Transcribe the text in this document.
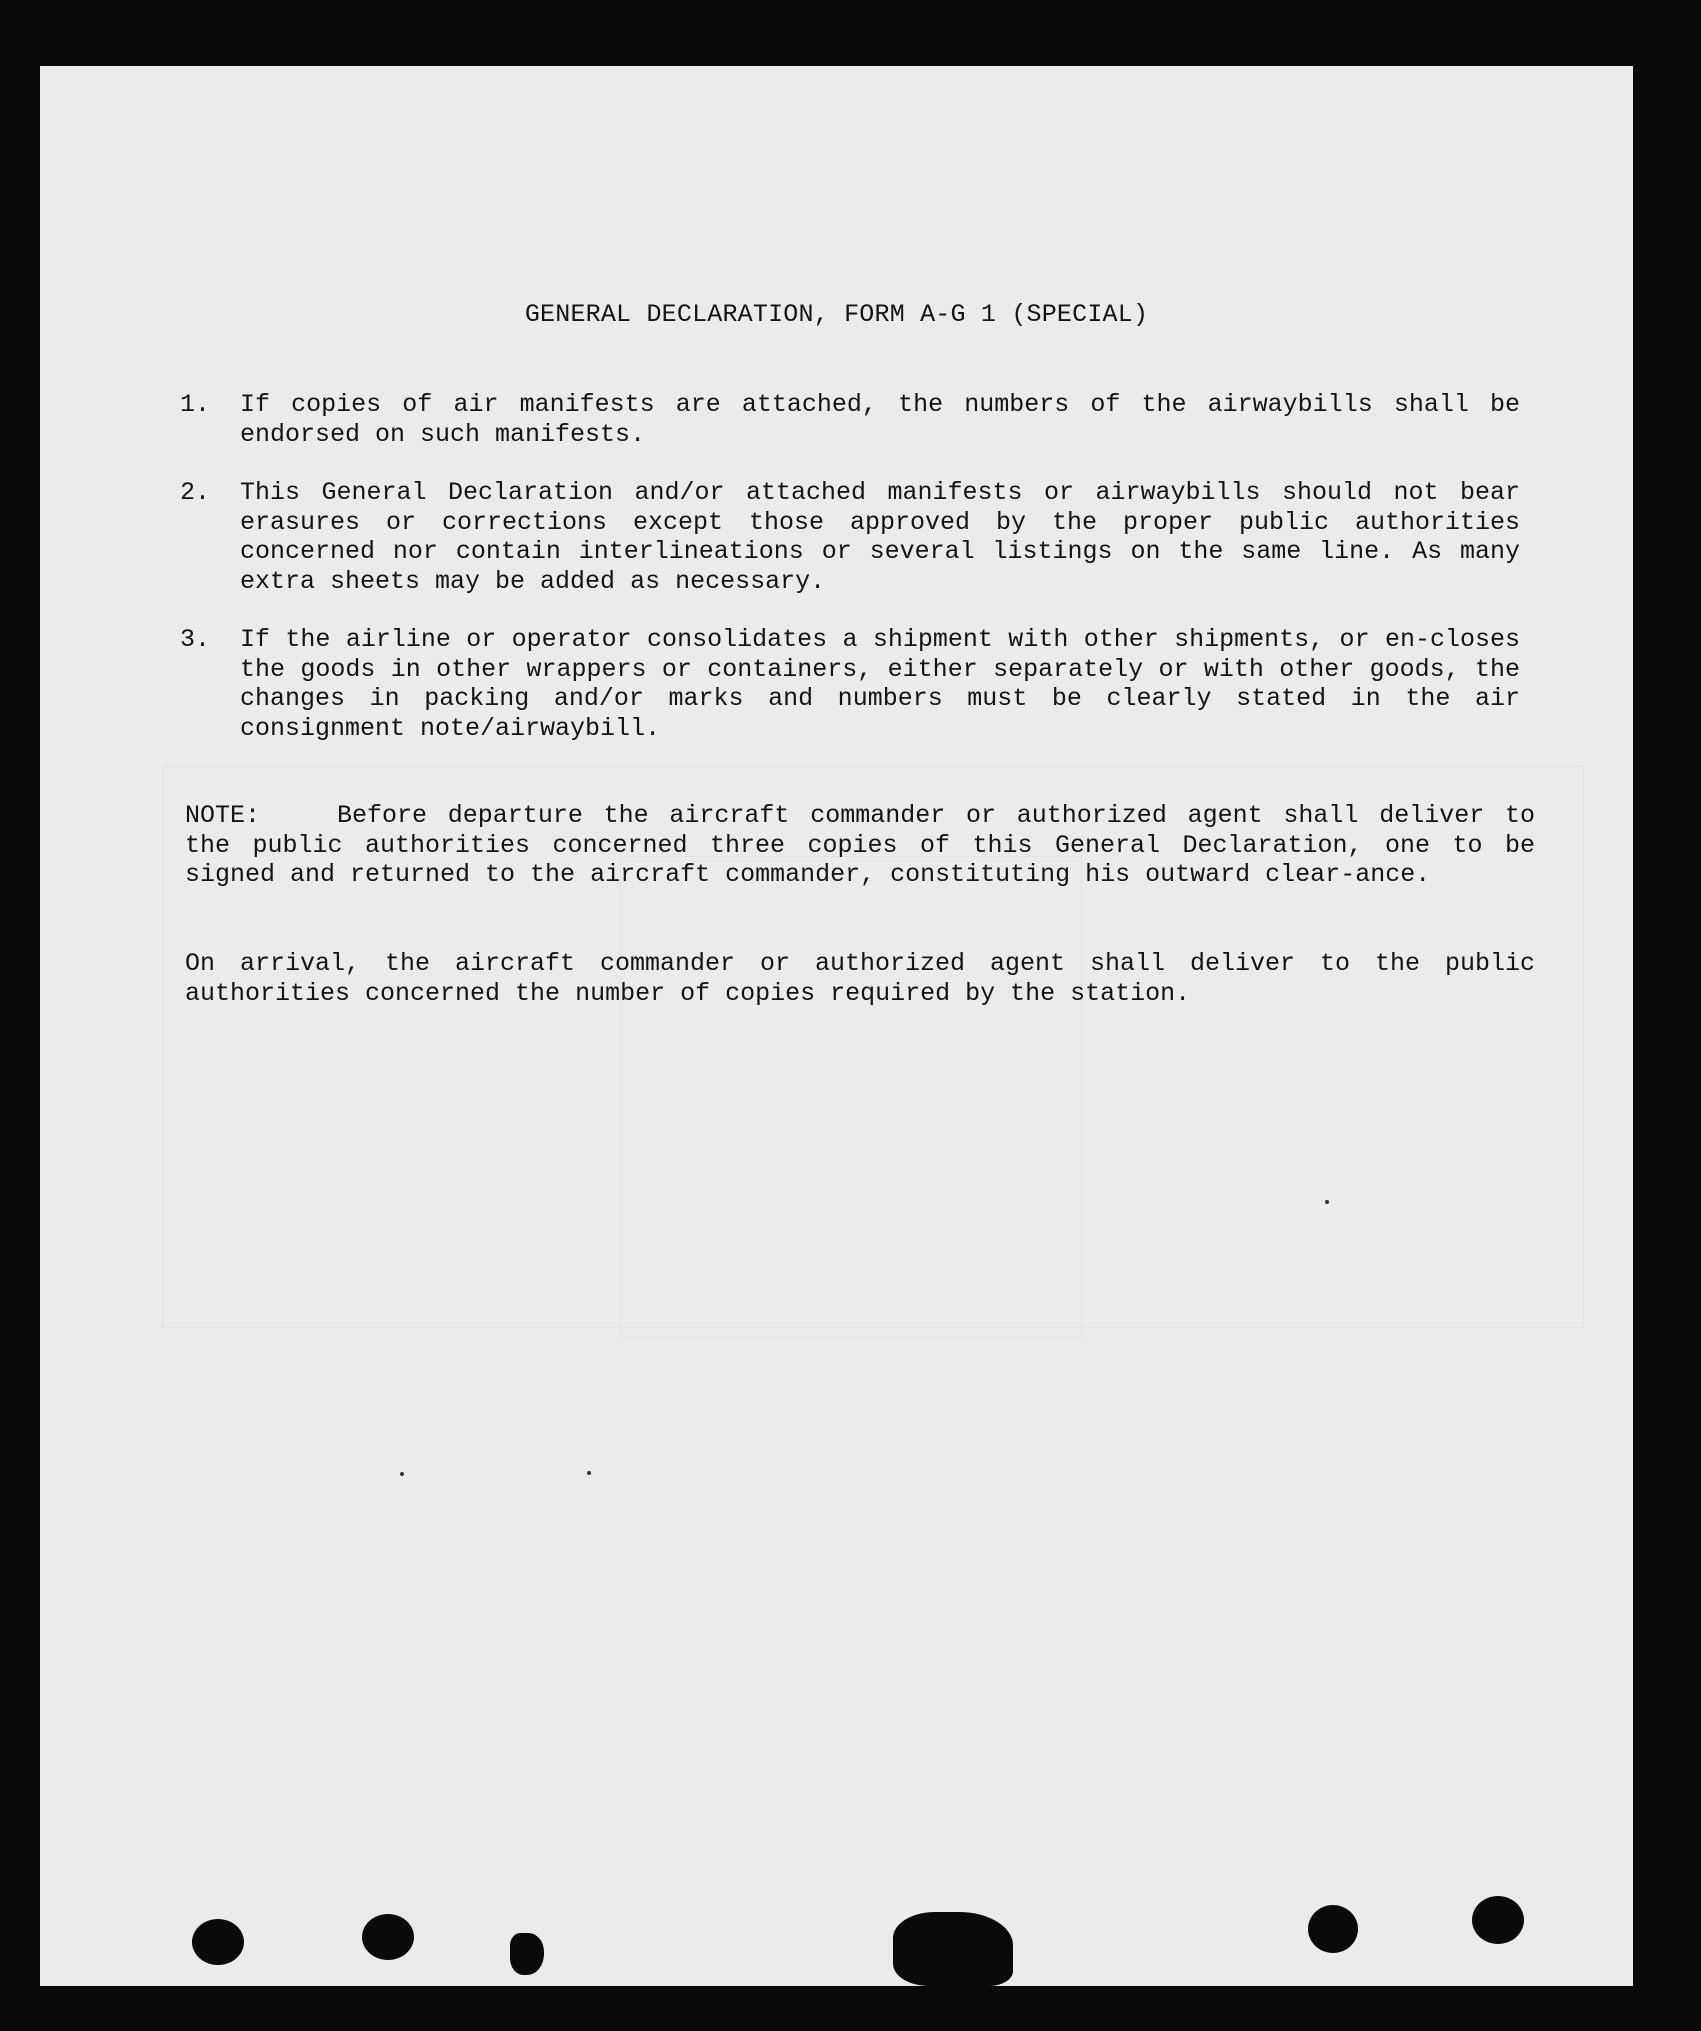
GENERAL DECLARATION, FORM A-G 1 (SPECIAL)
1. If copies of air manifests are attached, the numbers of the airwaybills shall be endorsed on such manifests.
2. This General Declaration and/or attached manifests or airwaybills should not bear erasures or corrections except those approved by the proper public authorities concerned nor contain interlineations or several listings on the same line. As many extra sheets may be added as necessary.
3. If the airline or operator consolidates a shipment with other shipments, or en-closes the goods in other wrappers or containers, either separately or with other goods, the changes in packing and/or marks and numbers must be clearly stated in the air consignment note/airwaybill.
NOTE:	Before departure the aircraft commander or authorized agent shall deliver to the public authorities concerned three copies of this General Declaration, one to be signed and returned to the aircraft commander, constituting his outward clear-ance.
On arrival, the aircraft commander or authorized agent shall deliver to the public authorities concerned the number of copies required by the station.
